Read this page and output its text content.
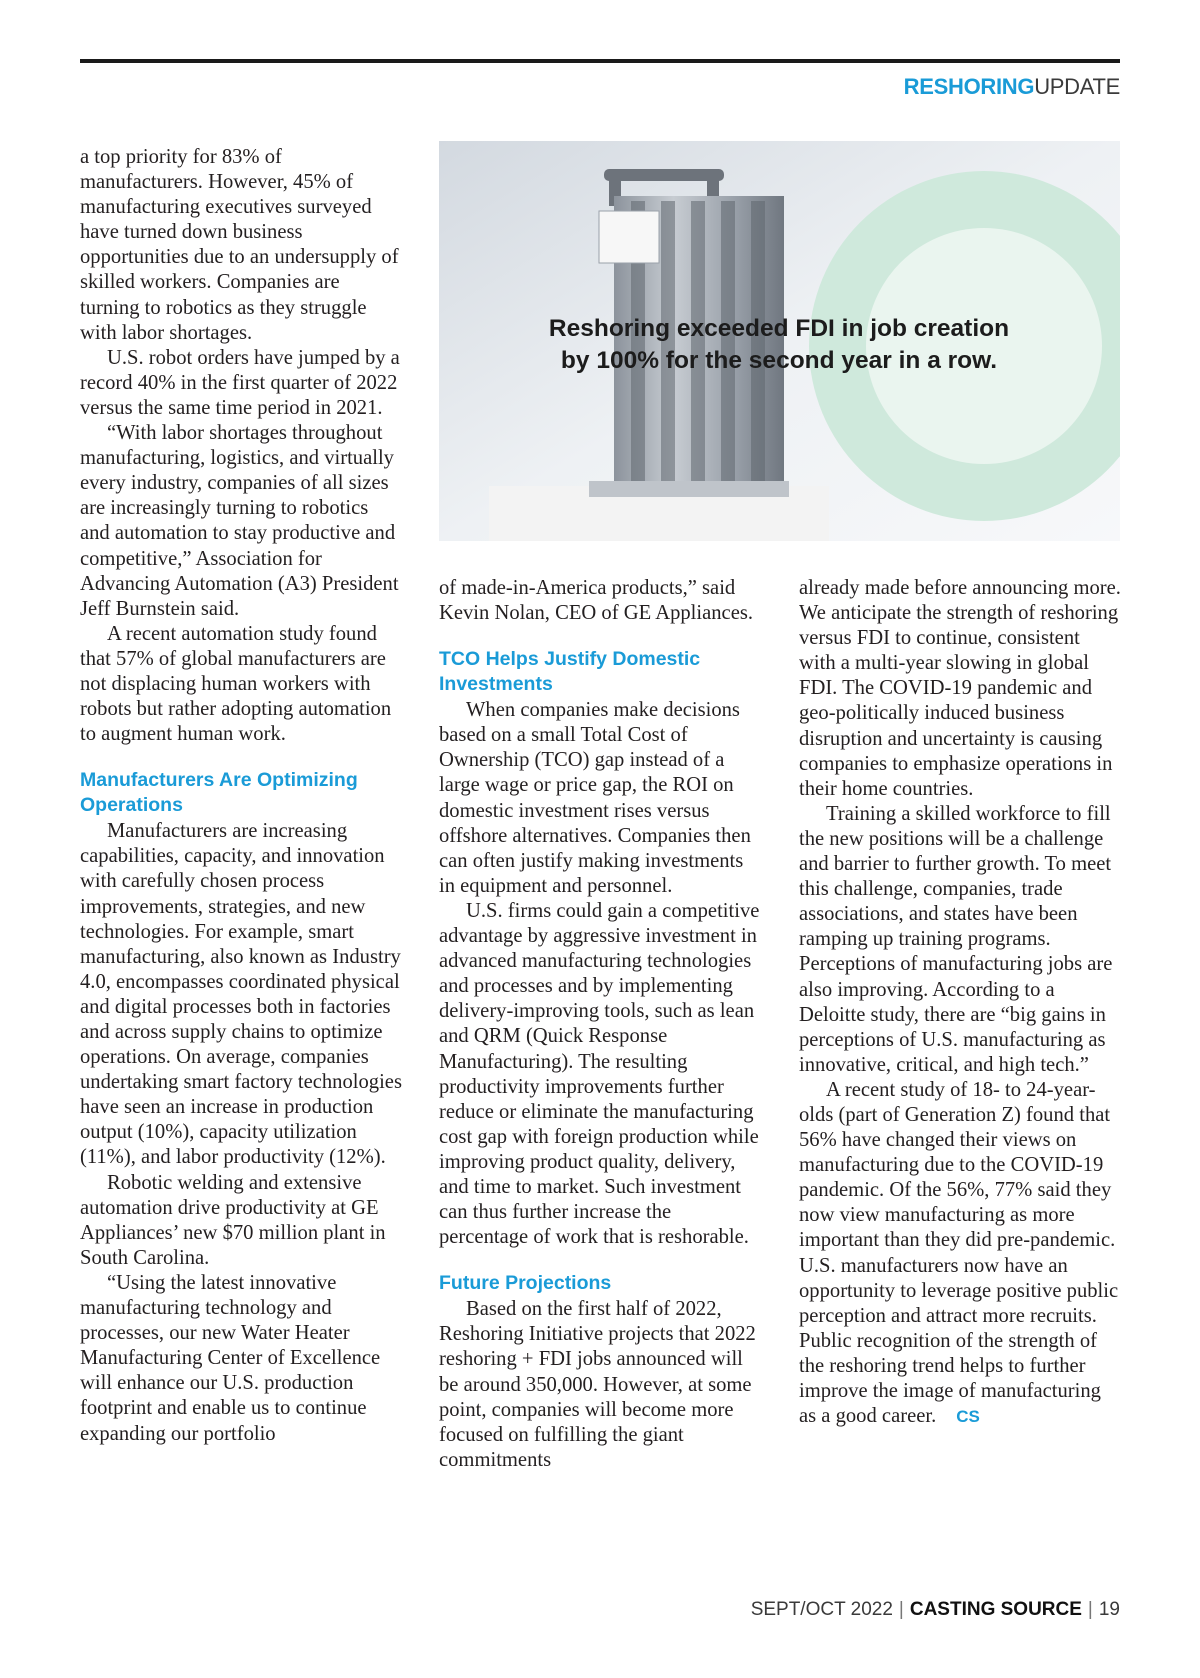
RESHORINGUPDATE

a top priority for 83% of manufacturers. However, 45% of manufacturing executives surveyed have turned down business opportunities due to an undersupply of skilled workers. Companies are turning to robotics as they struggle with labor shortages.

U.S. robot orders have jumped by a record 40% in the first quarter of 2022 versus the same time period in 2021.

“With labor shortages throughout manufacturing, logistics, and virtually every industry, companies of all sizes are increasingly turning to robotics and automation to stay productive and competitive,” Association for Advancing Automation (A3) President Jeff Burnstein said.

A recent automation study found that 57% of global manufacturers are not displacing human workers with robots but rather adopting automation to augment human work.

Manufacturers Are Optimizing Operations

Manufacturers are increasing capabilities, capacity, and innovation with carefully chosen process improvements, strategies, and new technologies. For example, smart manufacturing, also known as Industry 4.0, encompasses coordinated physical and digital processes both in factories and across supply chains to optimize operations. On average, companies undertaking smart factory technologies have seen an increase in production output (10%), capacity utilization (11%), and labor productivity (12%).

Robotic welding and extensive automation drive productivity at GE Appliances’ new $70 million plant in South Carolina.

“Using the latest innovative manufacturing technology and processes, our new Water Heater Manufacturing Center of Excellence will enhance our U.S. production footprint and enable us to continue expanding our portfolio

Reshoring exceeded FDI in job creation by 100% for the second year in a row.

of made-in-America products,” said Kevin Nolan, CEO of GE Appliances.

TCO Helps Justify Domestic Investments

When companies make decisions based on a small Total Cost of Ownership (TCO) gap instead of a large wage or price gap, the ROI on domestic investment rises versus offshore alternatives. Companies then can often justify making investments in equipment and personnel.

U.S. firms could gain a competitive advantage by aggressive investment in advanced manufacturing technologies and processes and by implementing delivery-improving tools, such as lean and QRM (Quick Response Manufacturing). The resulting productivity improvements further reduce or eliminate the manufacturing cost gap with foreign production while improving product quality, delivery, and time to market. Such investment can thus further increase the percentage of work that is reshorable.

Future Projections

Based on the first half of 2022, Reshoring Initiative projects that 2022 reshoring + FDI jobs announced will be around 350,000. However, at some point, companies will become more focused on fulfilling the giant commitments

already made before announcing more. We anticipate the strength of reshoring versus FDI to continue, consistent with a multi-year slowing in global FDI. The COVID-19 pandemic and geo-politically induced business disruption and uncertainty is causing companies to emphasize operations in their home countries.

Training a skilled workforce to fill the new positions will be a challenge and barrier to further growth. To meet this challenge, companies, trade associations, and states have been ramping up training programs. Perceptions of manufacturing jobs are also improving. According to a Deloitte study, there are “big gains in perceptions of U.S. manufacturing as innovative, critical, and high tech.”

A recent study of 18- to 24-year-olds (part of Generation Z) found that 56% have changed their views on manufacturing due to the COVID-19 pandemic. Of the 56%, 77% said they now view manufacturing as more important than they did pre-pandemic. U.S. manufacturers now have an opportunity to leverage positive public perception and attract more recruits. Public recognition of the strength of the reshoring trend helps to further improve the image of manufacturing as a good career. CS

SEPT/OCT 2022 | CASTING SOURCE | 19
